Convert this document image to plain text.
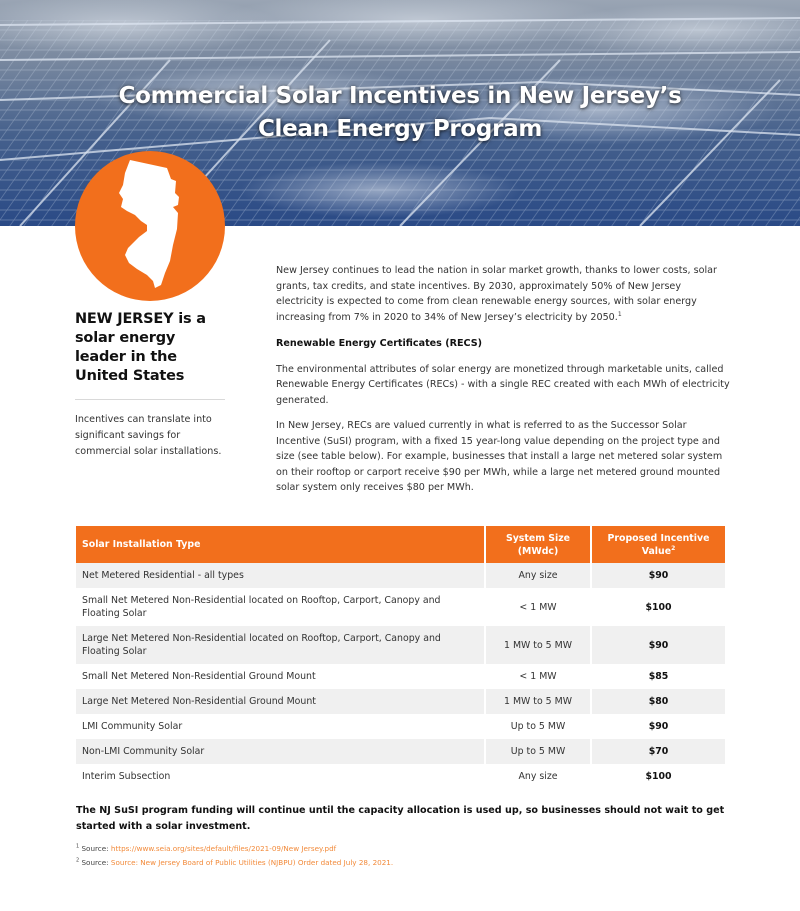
Commercial Solar Incentives in New Jersey’s
Clean Energy Program
NEW JERSEY is a solar energy leader in the United States

Incentives can translate into significant savings for commercial solar installations.

New Jersey continues to lead the nation in solar market growth, thanks to lower costs, solar grants, tax credits, and state incentives. By 2030, approximately 50% of New Jersey electricity is expected to come from clean renewable energy sources, with solar energy increasing from 7% in 2020 to 34% of New Jersey’s electricity by 2050.$^1$

Renewable Energy Certificates (RECS)

The environmental attributes of solar energy are monetized through marketable units, called Renewable Energy Certificates (RECs) - with a single REC created with each MWh of electricity generated.

In New Jersey, RECs are valued currently in what is referred to as the Successor Solar Incentive (SuSI) program, with a fixed 15 year-long value depending on the project type and size (see table below). For example, businesses that install a large net metered solar system on their rooftop or carport receive $90 per MWh, while a large net metered ground mounted solar system only receives $80 per MWh.

Solar Installation Type	System Size (MWdc)	Proposed Incentive Value$^2$
Net Metered Residential - all types	Any size	$90
Small Net Metered Non-Residential located on Rooftop, Carport, Canopy and Floating Solar	< 1 MW	$100
Large Net Metered Non-Residential located on Rooftop, Carport, Canopy and Floating Solar	1 MW to 5 MW	$90
Small Net Metered Non-Residential Ground Mount	< 1 MW	$85
Large Net Metered Non-Residential Ground Mount	1 MW to 5 MW	$80
LMI Community Solar	Up to 5 MW	$90
Non-LMI Community Solar	Up to 5 MW	$70
Interim Subsection	Any size	$100

The NJ SuSI program funding will continue until the capacity allocation is used up, so businesses should not wait to get started with a solar investment.

$^1$ Source: https://www.seia.org/sites/default/files/2021-09/New Jersey.pdf
$^2$ Source: Source: New Jersey Board of Public Utilities (NJBPU) Order dated July 28, 2021.
